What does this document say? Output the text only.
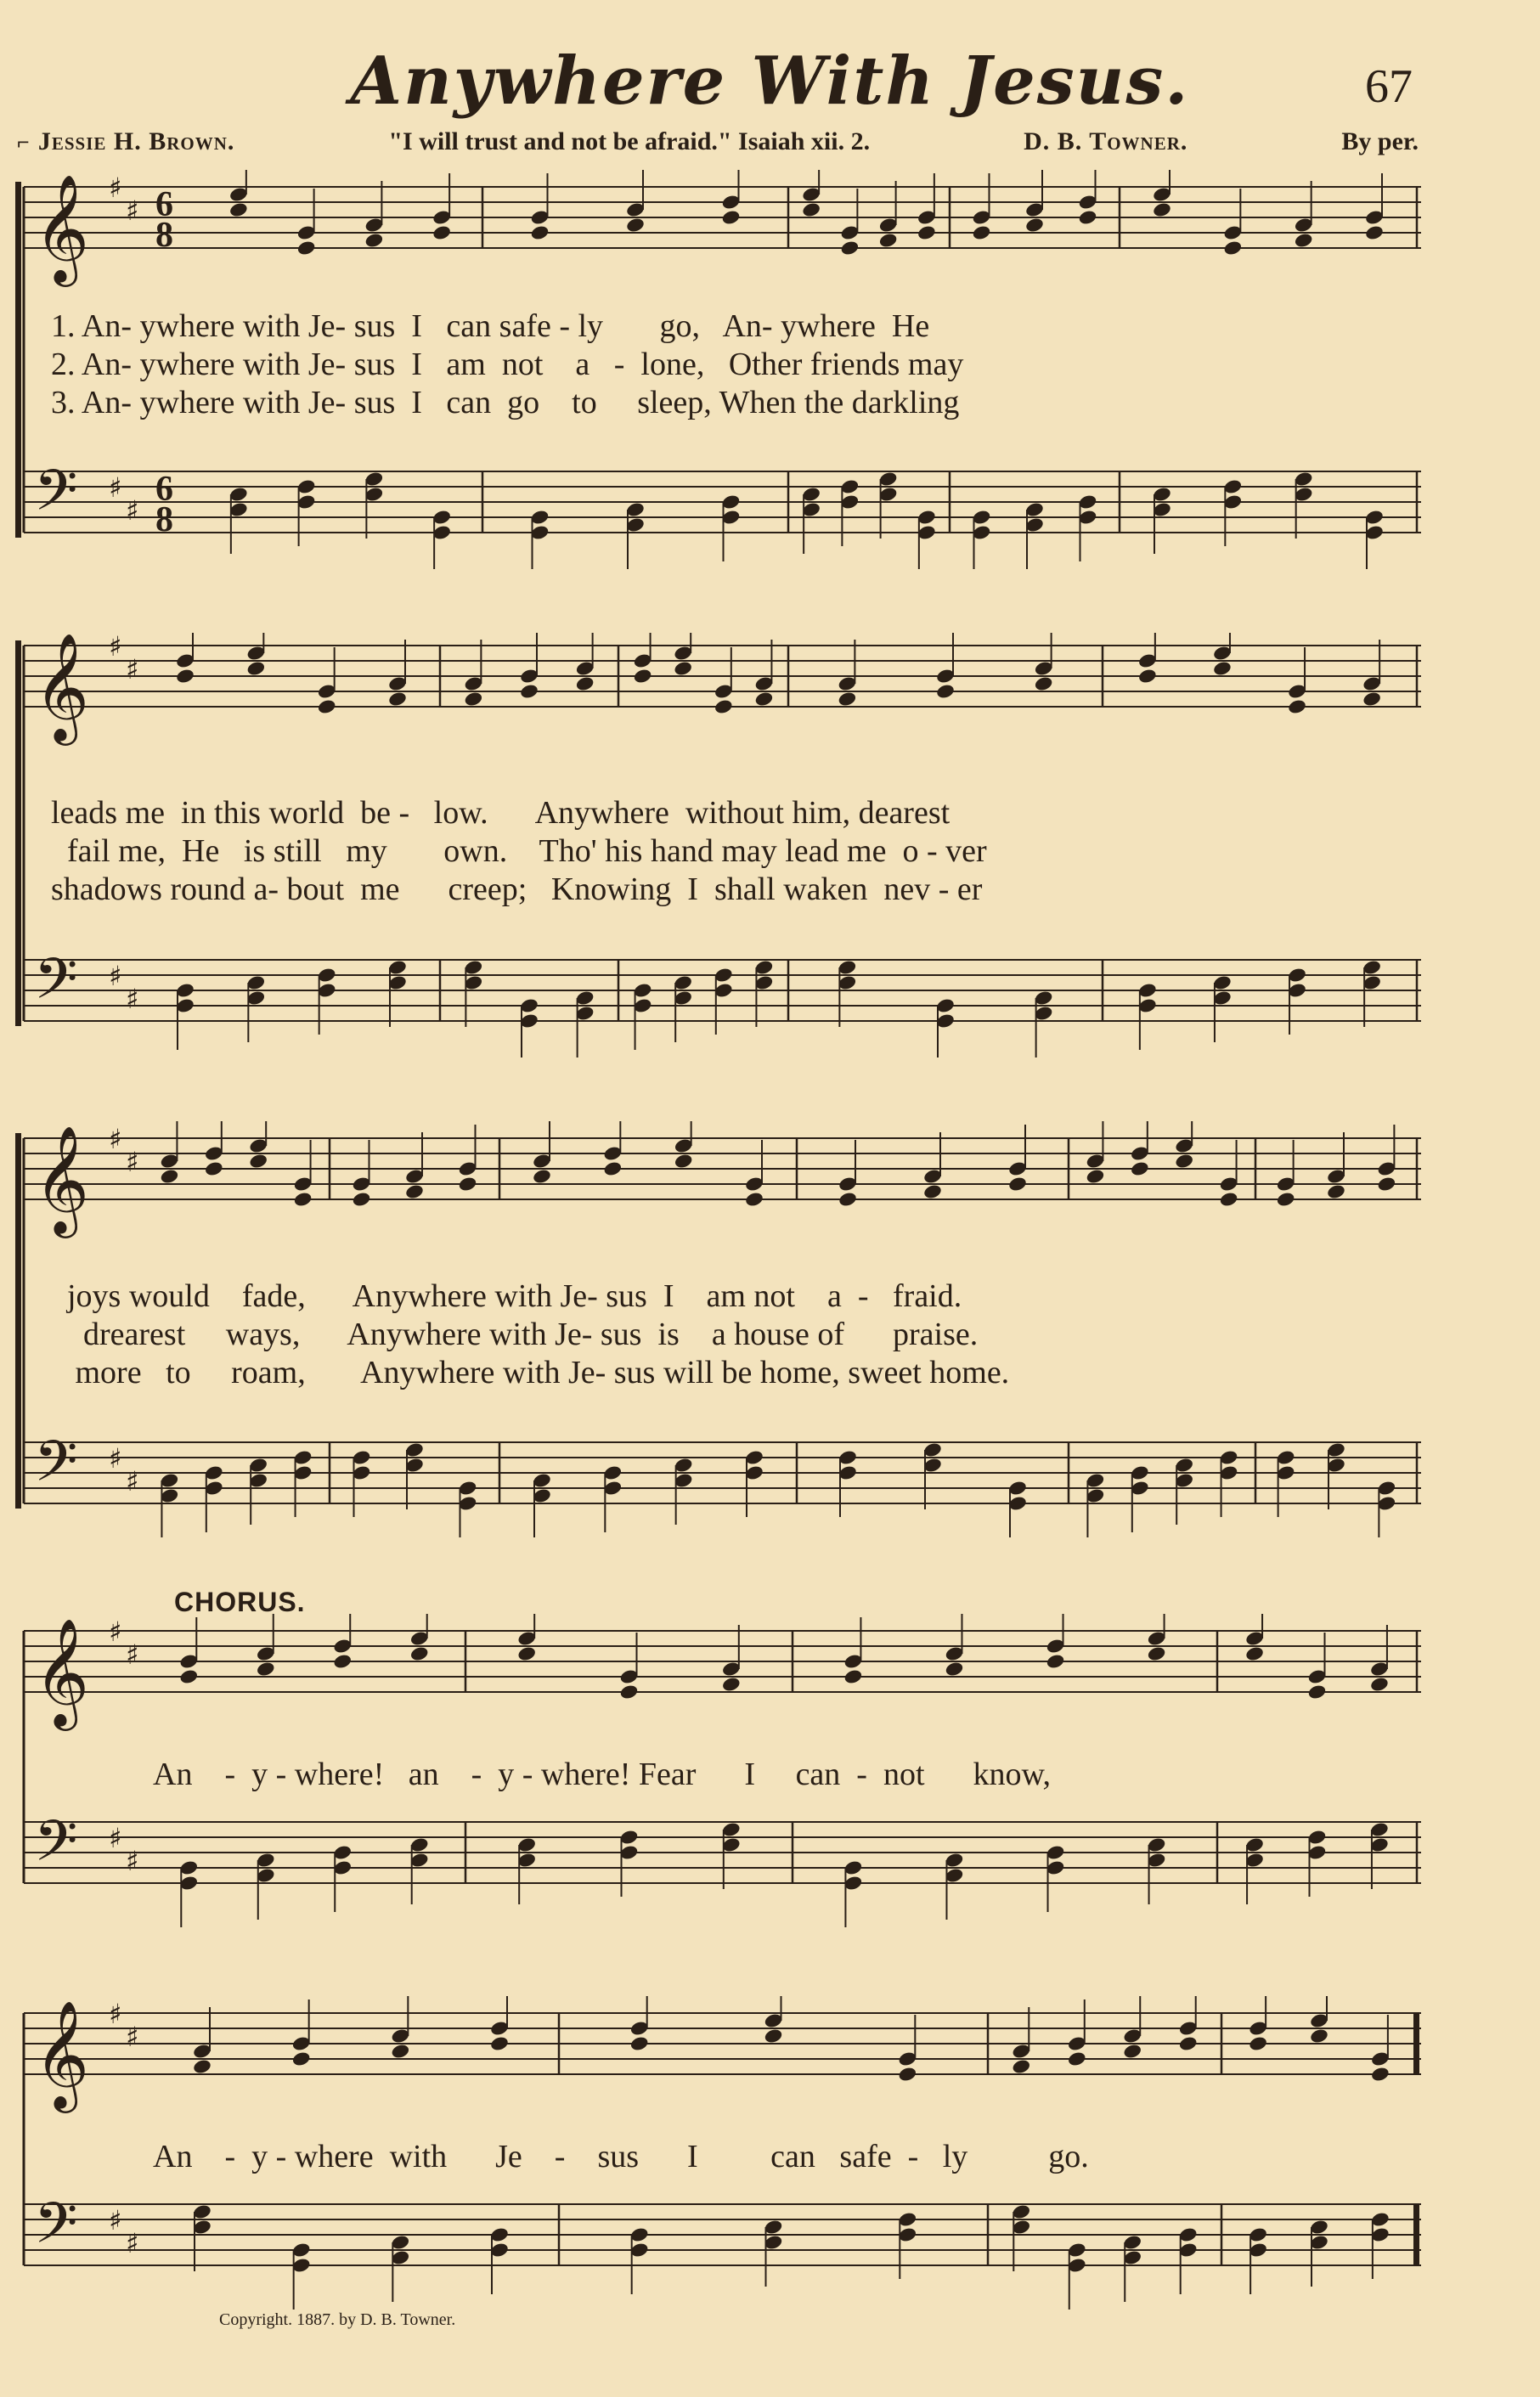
Anywhere With Jesus.	67
⌐ Jessie H. Brown.	"I will trust and not be afraid." Isaiah xii. 2.	D. B. Towner.	By per.
𝄞 ♯
♯ 6
8
𝄢 ♯
♯
6
8
1. An- ywhere with Je- sus  I   can safe - ly       go,   An- ywhere  He
2. An- ywhere with Je- sus  I   am  not    a   -  lone,   Other friends may
3. An- ywhere with Je- sus  I   can  go    to     sleep, When the darkling
𝄞 ♯
♯
𝄢 ♯
♯
leads me  in this world  be -   low.      Anywhere  without him, dearest
fail me,  He   is still   my       own.    Tho' his hand may lead me  o - ver
shadows round a- bout  me      creep;   Knowing  I  shall waken  nev - er
𝄞 ♯
♯
𝄢 ♯
♯
joys would    fade,      Anywhere with Je- sus  I    am not    a  -   fraid.
drearest     ways,      Anywhere with Je- sus  is    a house of      praise.
more   to     roam,       Anywhere with Je- sus will be home, sweet home.
CHORUS.
𝄞 ♯
♯
𝄢 ♯
♯
An    -  y - where!   an    -  y - where! Fear      I     can  -  not      know,
𝄞 ♯
♯
𝄢 ♯
♯
An    -  y - where  with      Je    -    sus      I         can   safe  -   ly          go.
Copyright. 1887. by D. B. Towner.
